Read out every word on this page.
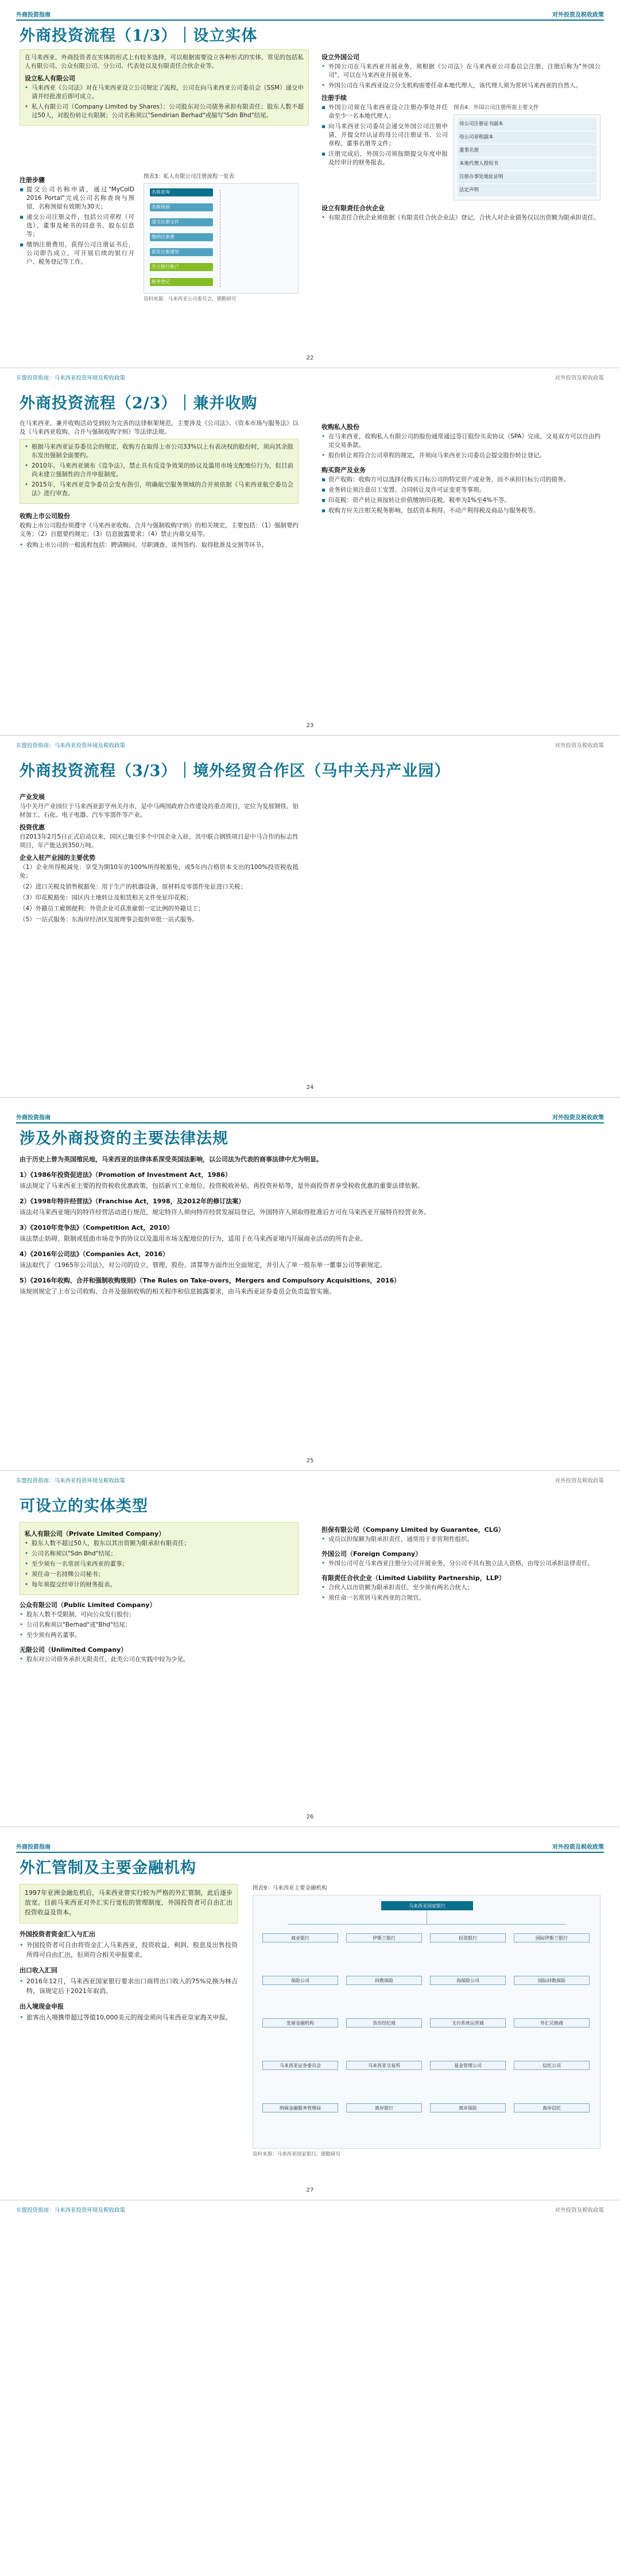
外商投资指南	对外投资及税收政策
外商投资流程（1/3）｜设立实体

在马来西亚，外商投资者在实体的形式上有较多选择，可以根据需要设立各种形式的实体，常见的包括私人有限公司、公众有限公司、分公司、代表处以及有限责任合伙企业等。

设立私人有限公司
• 马来西亚《公司法》对在马来西亚设立公司规定了流程，公司在向马来西亚公司委员会（SSM）递交申请并经批准后即可成立。
• 私人有限公司（Company Limited by Shares）：公司股东对公司债务承担有限责任；股东人数不超过50人，对股份转让有限制；公司名称须以"Sendirian Berhad"或缩写"Sdn Bhd"结尾。
注册步骤
▪ 提交公司名称申请，通过"MyCoID 2016 Portal"完成公司名称查询与预留，名称预留有效期为30天；
▪ 递交公司注册文件，包括公司章程（可选）、董事及秘书的同意书、股东信息等；
▪ 缴纳注册费用，获得公司注册证书后，公司即告成立，可开展后续的银行开户、税务登记等工作。
图表3：私人有限公司注册流程一览表
名称查询
名称预留
递交注册文件
缴纳注册费
获发注册通知
开立银行账户
税务登记
资料来源：马来西亚公司委员会，德勤研究
设立外国公司
• 外国公司在马来西亚开展业务，须根据《公司法》在马来西亚公司委员会注册，注册后称为"外国公司"，可以在马来西亚开展业务。
• 外国公司在马来西亚设立分支机构需要任命本地代理人，该代理人须为常居马来西亚的自然人。
注册手续
▪ 外国公司须在马来西亚设立注册办事处并任命至少一名本地代理人；
▪ 向马来西亚公司委员会递交外国公司注册申请，并提交经认证的母公司注册证书、公司章程、董事名册等文件；
▪ 注册完成后，外国公司须按期提交年度申报及经审计的财务报表。
图表4：外国公司注册所需主要文件
母公司注册证书副本
母公司章程副本
董事名册
本地代理人授权书
注册办事处地址证明
法定声明
设立有限责任合伙企业
• 有限责任合伙企业须依据《有限责任合伙企业法》登记，合伙人对企业债务仅以出资额为限承担责任。
22
东盟投资指南：马来西亚投资环境及税收政策	对外投资及税收政策
外商投资流程（2/3）｜兼并收购

在马来西亚，兼并收购活动受到较为完善的法律框架规范，主要涉及《公司法》、《资本市场与服务法》以及《马来西亚收购、合并与强制收购守则》等法律法规。

• 根据马来西亚证券委员会的规定，收购方在取得上市公司33%以上有表决权的股份时，须向其余股东发出强制全面要约。
• 2010年，马来西亚颁布《竞争法》，禁止具有反竞争效果的协议及滥用市场支配地位行为，但目前尚未建立强制性的合并申报制度。
• 2015年，马来西亚竞争委员会发布指引，明确航空服务领域的合并须依据《马来西亚航空委员会法》进行审查。
收购上市公司股份

收购上市公司股份须遵守《马来西亚收购、合并与强制收购守则》的相关规定，主要包括：（1）强制要约义务；（2）自愿要约规定；（3）信息披露要求；（4）禁止内幕交易等。

• 收购上市公司的一般流程包括：聘请顾问、尽职调查、谈判签约、取得批准及交割等环节。
收购私人股份
• 在马来西亚，收购私人有限公司的股份通常通过签订股份买卖协议（SPA）完成，交易双方可以自由约定交易条款。
• 股份转让须符合公司章程的规定，并须向马来西亚公司委员会提交股份转让登记。
购买资产及业务
▪ 资产收购：收购方可以选择仅购买目标公司的特定资产或业务，而不承担目标公司的债务。
▪ 业务转让须注意员工安置、合同转让及许可证变更等事项。
▪ 印花税：资产转让须按转让价值缴纳印花税，税率为1%至4%不等。
▪ 收购方应关注相关税务影响，包括资本利得、不动产利得税及商品与服务税等。
23
东盟投资指南：马来西亚投资环境及税收政策	对外投资及税收政策
外商投资流程（3/3）｜境外经贸合作区（马中关丹产业园）
产业发展

马中关丹产业园位于马来西亚彭亨州关丹市，是中马两国政府合作建设的重点项目，定位为发展钢铁、铝材加工、石化、电子电器、汽车零部件等产业。

投资优惠

自2013年2月5日正式启动以来，园区已吸引多个中国企业入驻，其中联合钢铁项目是中马合作的标志性项目，年产能达到350万吨。

企业入驻产业园的主要优势

（1）企业所得税减免：享受为期10年的100%所得税豁免，或5年内合格资本支出的100%投资税收抵免；

（2）进口关税及销售税豁免：用于生产的机器设备、原材料及零部件免征进口关税；

（3）印花税豁免：园区内土地转让及租赁相关文件免征印花税；

（4）外籍员工雇佣便利：外资企业可获准雇佣一定比例的外籍员工；

（5）一站式服务：东海岸经济区发展理事会提供审批一站式服务。

24
外商投资指南	对外投资及税收政策
涉及外商投资的主要法律法规

由于历史上曾为英国殖民地，马来西亚的法律体系深受英国法影响，以公司法为代表的商事法律中尤为明显。

1）《1986年投资促进法》（Promotion of Investment Act，1986）

该法规定了马来西亚主要的投资税收优惠政策，包括新兴工业地位、投资税收补贴、再投资补贴等，是外商投资者享受税收优惠的重要法律依据。

2）《1998年特许经营法》（Franchise Act，1998，及2012年的修订法案）

该法对马来西亚境内的特许经营活动进行规范，规定特许人须向特许经营发展局登记，外国特许人须取得批准后方可在马来西亚开展特许经营业务。

3）《2010年竞争法》（Competition Act，2010）

该法禁止妨碍、限制或扭曲市场竞争的协议以及滥用市场支配地位的行为，适用于在马来西亚境内开展商业活动的所有企业。

4）《2016年公司法》（Companies Act，2016）

该法取代了《1965年公司法》，对公司的设立、管理、股份、清算等方面作出全面规定，并引入了单一股东单一董事公司等新规定。

5）《2016年收购、合并和强制收购规则》（The Rules on Take-overs，Mergers and Compulsory Acquisitions，2016）

该规则规定了上市公司收购、合并及强制收购的相关程序和信息披露要求，由马来西亚证券委员会负责监管实施。

25
东盟投资指南：马来西亚投资环境及税收政策	对外投资及税收政策
可设立的实体类型
私人有限公司（Private Limited Company）
• 股东人数不超过50人，股东以其出资额为限承担有限责任；
• 公司名称须以"Sdn Bhd"结尾；
• 至少须有一名常居马来西亚的董事；
• 须任命一名持牌公司秘书；
• 每年须提交经审计的财务报表。
公众有限公司（Public Limited Company）
• 股东人数不受限制，可向公众发行股份；
• 公司名称须以"Berhad"或"Bhd"结尾；
• 至少须有两名董事。
无限公司（Unlimited Company）
• 股东对公司债务承担无限责任，此类公司在实践中较为少见。
担保有限公司（Company Limited by Guarantee，CLG）
• 成员以担保额为限承担责任，通常用于非营利性组织。
外国公司（Foreign Company）
• 外国公司可在马来西亚注册分公司开展业务，分公司不具有独立法人资格，由母公司承担法律责任。
有限责任合伙企业（Limited Liability Partnership，LLP）
• 合伙人以出资额为限承担责任，至少须有两名合伙人；
• 须任命一名常居马来西亚的合规官。
26
外商投资指南	对外投资及税收政策
外汇管制及主要金融机构

1997年亚洲金融危机后，马来西亚曾实行较为严格的外汇管制，此后逐步放宽。目前马来西亚对外汇实行宽松的管理制度，外国投资者可自由汇出投资收益及资本。

外国投资者资金汇入与汇出
• 外国投资者可自由将资金汇入马来西亚，投资收益、利润、股息及出售投资所得可自由汇出，但须符合相关申报要求。
出口收入汇回
• 2016年12月，马来西亚国家银行要求出口商将出口收入的75%兑换为林吉特，该规定后于2021年取消。
出入境现金申报
• 旅客出入境携带超过等值10,000美元的现金须向马来西亚皇家海关申报。
图表9：马来西亚主要金融机构
马来西亚国家银行
商业银行	伊斯兰银行	投资银行	国际伊斯兰银行
保险公司	回教保险	再保险公司	国际回教保险
发展金融机构	货币经纪商	支付系统运营商	外汇兑换商
马来西亚证券委员会	马来西亚交易所	基金管理公司	信托公司
纳闽金融服务管理局	离岸银行	离岸保险	离岸信托
资料来源：马来西亚国家银行，德勤研究
27
东盟投资指南：马来西亚投资环境及税收政策	对外投资及税收政策
